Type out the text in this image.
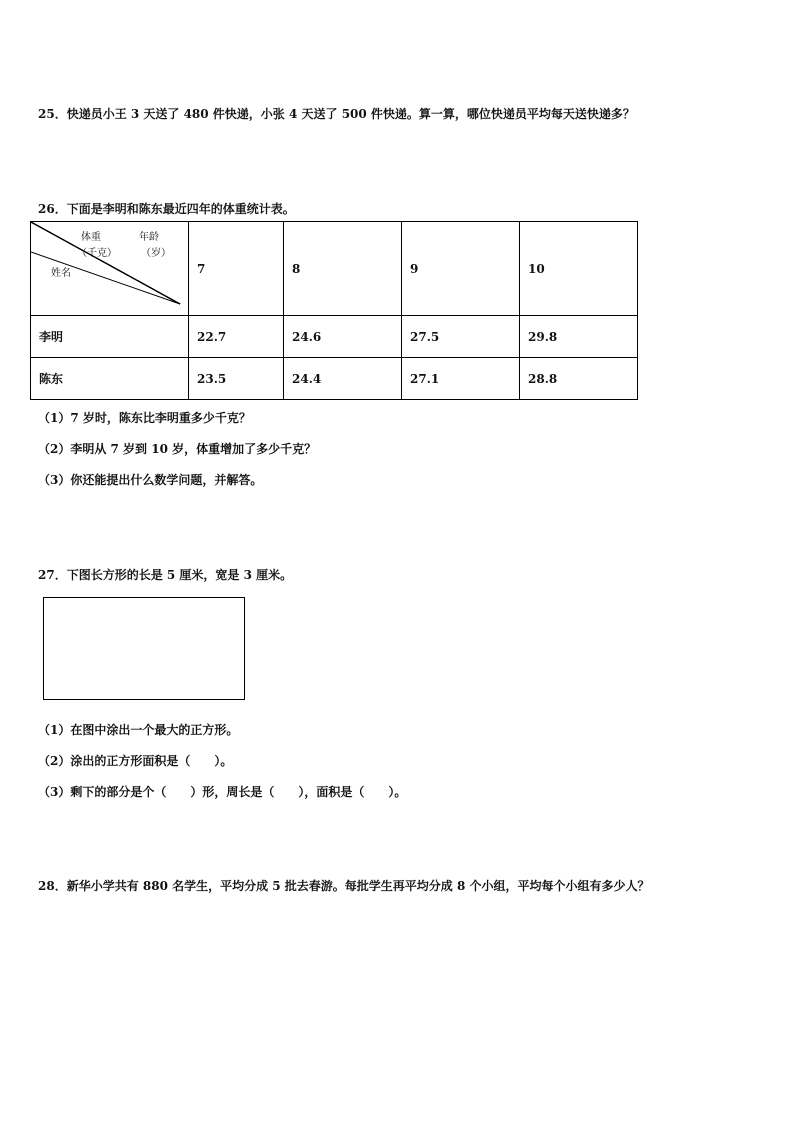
25．快递员小王 3 天送了 480 件快递，小张 4 天送了 500 件快递。算一算，哪位快递员平均每天送快递多？
26．下面是李明和陈东最近四年的体重统计表。
体重
（千克）
年龄
（岁）
姓名	7	8	9	10
李明	22.7	24.6	27.5	29.8
陈东	23.5	24.4	27.1	28.8
（1）7 岁时，陈东比李明重多少千克？
（2）李明从 7 岁到 10 岁，体重增加了多少千克？
（3）你还能提出什么数学问题，并解答。
27．下图长方形的长是 5 厘米，宽是 3 厘米。
（1）在图中涂出一个最大的正方形。
（2）涂出的正方形面积是（　　）。
（3）剩下的部分是个（　　）形，周长是（　　），面积是（　　）。
28．新华小学共有 880 名学生，平均分成 5 批去春游。每批学生再平均分成 8 个小组，平均每个小组有多少人？
